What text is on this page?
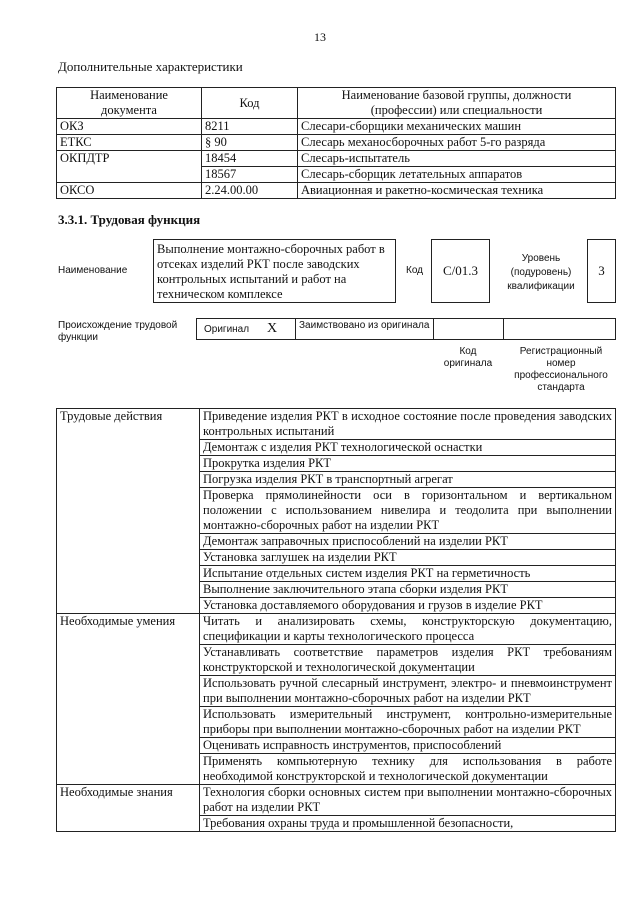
13
Дополнительные характеристики
Наименование документа	Код	Наименование базовой группы, должности (профессии) или специальности
ОКЗ	8211	Слесари-сборщики механических машин
ЕТКС	§ 90	Слесарь механосборочных работ 5-го разряда
ОКПДТР	18454	Слесарь-испытатель
	18567	Слесарь-сборщик летательных аппаратов
ОКСО	2.24.00.00	Авиационная и ракетно-космическая техника
3.3.1. Трудовая функция
Наименование
Выполнение монтажно-сборочных работ в отсеках изделий РКТ после заводских контрольных испытаний и работ на техническом комплексе
Код	C/01.3
Уровень (подуровень) квалификации
3
Происхождение трудовой функции
Оригинал X	Заимствовано из оригинала
Код оригинала
Регистрационный номер профессионального стандарта
Трудовые действия	Приведение изделия РКТ в исходное состояние после проведения заводских контрольных испытаний
	Демонтаж с изделия РКТ технологической оснастки
	Прокрутка изделия РКТ
	Погрузка изделия РКТ в транспортный агрегат
	Проверка прямолинейности оси в горизонтальном и вертикальном положении с использованием нивелира и теодолита при выполнении монтажно-сборочных работ на изделии РКТ
	Демонтаж заправочных приспособлений на изделии РКТ
	Установка заглушек на изделии РКТ
	Испытание отдельных систем изделия РКТ на герметичность
	Выполнение заключительного этапа сборки изделия РКТ
	Установка доставляемого оборудования и грузов в изделие РКТ
Необходимые умения	Читать и анализировать схемы, конструкторскую документацию, спецификации и карты технологического процесса
	Устанавливать соответствие параметров изделия РКТ требованиям конструкторской и технологической документации
	Использовать ручной слесарный инструмент, электро- и пневмоинструмент при выполнении монтажно-сборочных работ на изделии РКТ
	Использовать измерительный инструмент, контрольно-измерительные приборы при выполнении монтажно-сборочных работ на изделии РКТ
	Оценивать исправность инструментов, приспособлений
	Применять компьютерную технику для использования в работе необходимой конструкторской и технологической документации
Необходимые знания	Технология сборки основных систем при выполнении монтажно-сборочных работ на изделии РКТ
	Требования охраны труда и промышленной безопасности,
